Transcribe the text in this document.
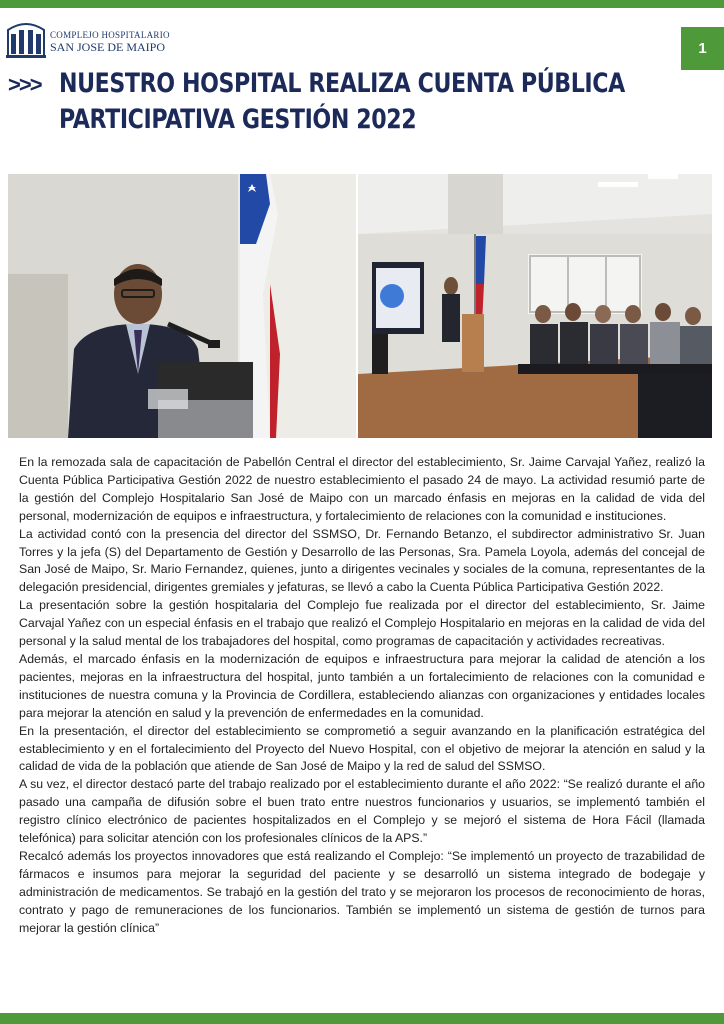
COMPLEJO HOSPITALARIO
SAN JOSE DE MAIPO	1
>>> NUESTRO HOSPITAL REALIZA CUENTA PÚBLICA
PARTICIPATIVA GESTIÓN 2022

En la remozada sala de capacitación de Pabellón Central el director del establecimiento, Sr. Jaime Carvajal Yañez, realizó la Cuenta Pública Participativa Gestión 2022 de nuestro establecimiento el pasado 24 de mayo. La actividad resumió parte de la gestión del Complejo Hospitalario San José de Maipo con un marcado énfasis en mejoras en la calidad de vida del personal, modernización de equipos e infraestructura, y fortalecimiento de relaciones con la comunidad e instituciones.

La actividad contó con la presencia del director del SSMSO, Dr. Fernando Betanzo, el subdirector administrativo Sr. Juan Torres y la jefa (S) del Departamento de Gestión y Desarrollo de las Personas, Sra. Pamela Loyola, además del concejal de San José de Maipo, Sr. Mario Fernandez, quienes, junto a dirigentes vecinales y sociales de la comuna, representantes de la delegación presidencial, dirigentes gremiales y jefaturas, se llevó a cabo la Cuenta Pública Participativa Gestión 2022.

La presentación sobre la gestión hospitalaria del Complejo fue realizada por el director del establecimiento, Sr. Jaime Carvajal Yañez con un especial énfasis en el trabajo que realizó el Complejo Hospitalario en mejoras en la calidad de vida del personal y la salud mental de los trabajadores del hospital, como programas de capacitación y actividades recreativas.

Además, el marcado énfasis en la modernización de equipos e infraestructura para mejorar la calidad de atención a los pacientes, mejoras en la infraestructura del hospital, junto también a un fortalecimiento de relaciones con la comunidad e instituciones de nuestra comuna y la Provincia de Cordillera, estableciendo alianzas con organizaciones y entidades locales para mejorar la atención en salud y la prevención de enfermedades en la comunidad.

En la presentación, el director del establecimiento se comprometió a seguir avanzando en la planificación estratégica del establecimiento y en el fortalecimiento del Proyecto del Nuevo Hospital, con el objetivo de mejorar la atención en salud y la calidad de vida de la población que atiende de San José de Maipo y la red de salud del SSMSO.

A su vez, el director destacó parte del trabajo realizado por el establecimiento durante el año 2022: “Se realizó durante el año pasado una campaña de difusión sobre el buen trato entre nuestros funcionarios y usuarios, se implementó también el registro clínico electrónico de pacientes hospitalizados en el Complejo y se mejoró el sistema de Hora Fácil (llamada telefónica) para solicitar atención con los profesionales clínicos de la APS.”

Recalcó además los proyectos innovadores que está realizando el Complejo: “Se implementó un proyecto de trazabilidad de fármacos e insumos para mejorar la seguridad del paciente y se desarrolló un sistema integrado de bodegaje y administración de medicamentos. Se trabajó en la gestión del trato y se mejoraron los procesos de reconocimiento de horas, contrato y pago de remuneraciones de los funcionarios. También se implementó un sistema de gestión de turnos para mejorar la gestión clínica”
